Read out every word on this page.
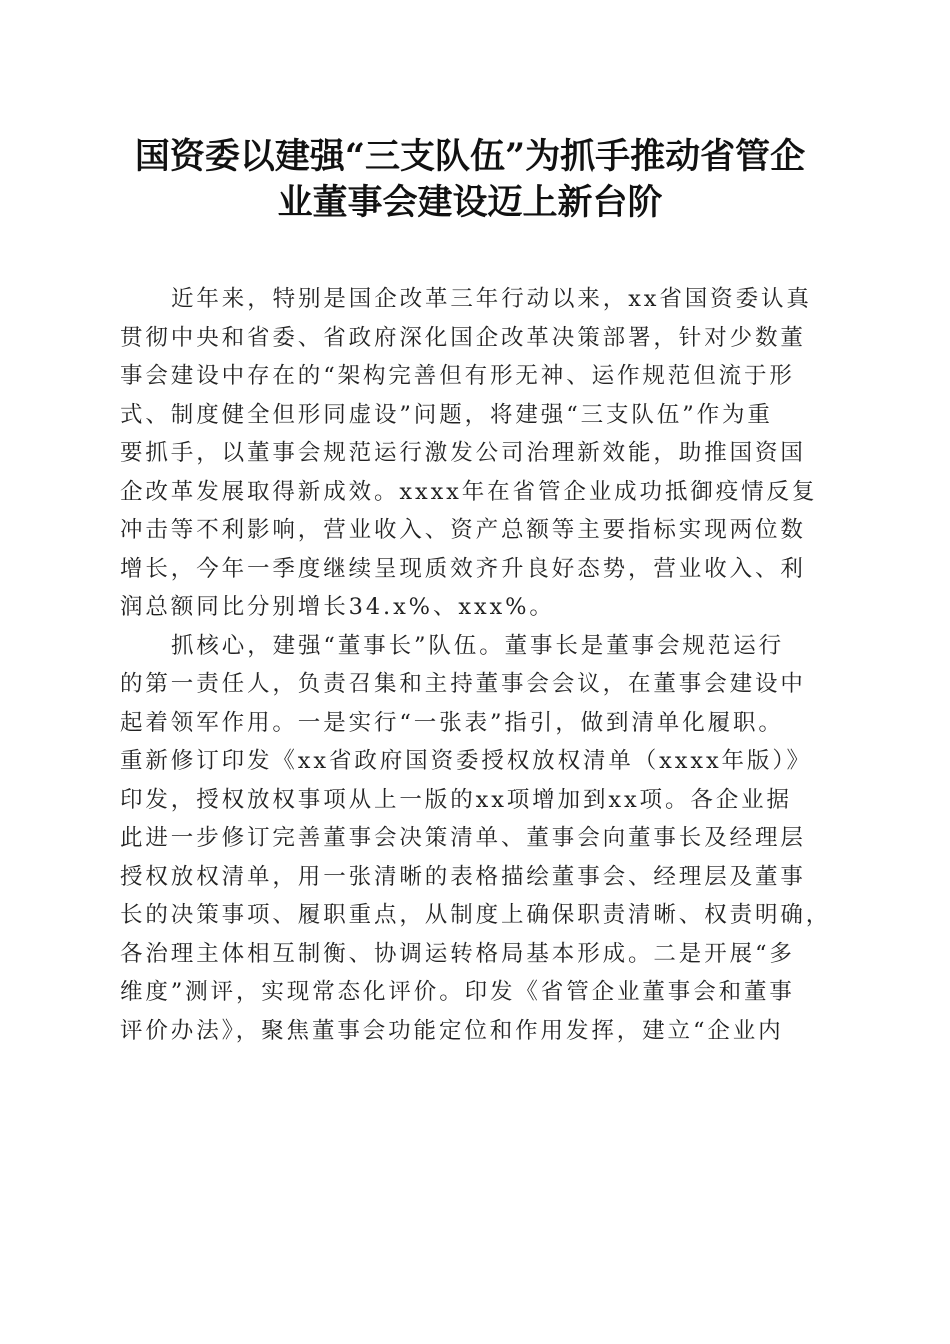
国资委以建强“三支队伍”为抓手推动省管企
业董事会建设迈上新台阶
近年来，特别是国企改革三年行动以来，xx省国资委认真
贯彻中央和省委、省政府深化国企改革决策部署，针对少数董
事会建设中存在的“架构完善但有形无神、运作规范但流于形
式、制度健全但形同虚设”问题，将建强“三支队伍”作为重
要抓手，以董事会规范运行激发公司治理新效能，助推国资国
企改革发展取得新成效。xxxx年在省管企业成功抵御疫情反复
冲击等不利影响，营业收入、资产总额等主要指标实现两位数
增长，今年一季度继续呈现质效齐升良好态势，营业收入、利
润总额同比分别增长34.x%、xxx%。
抓核心，建强“董事长”队伍。董事长是董事会规范运行
的第一责任人，负责召集和主持董事会会议，在董事会建设中
起着领军作用。一是实行“一张表”指引，做到清单化履职。
重新修订印发《xx省政府国资委授权放权清单（xxxx年版）》
印发，授权放权事项从上一版的xx项增加到xx项。各企业据
此进一步修订完善董事会决策清单、董事会向董事长及经理层
授权放权清单，用一张清晰的表格描绘董事会、经理层及董事
长的决策事项、履职重点，从制度上确保职责清晰、权责明确，
各治理主体相互制衡、协调运转格局基本形成。二是开展“多
维度”测评，实现常态化评价。印发《省管企业董事会和董事
评价办法》，聚焦董事会功能定位和作用发挥，建立“企业内
